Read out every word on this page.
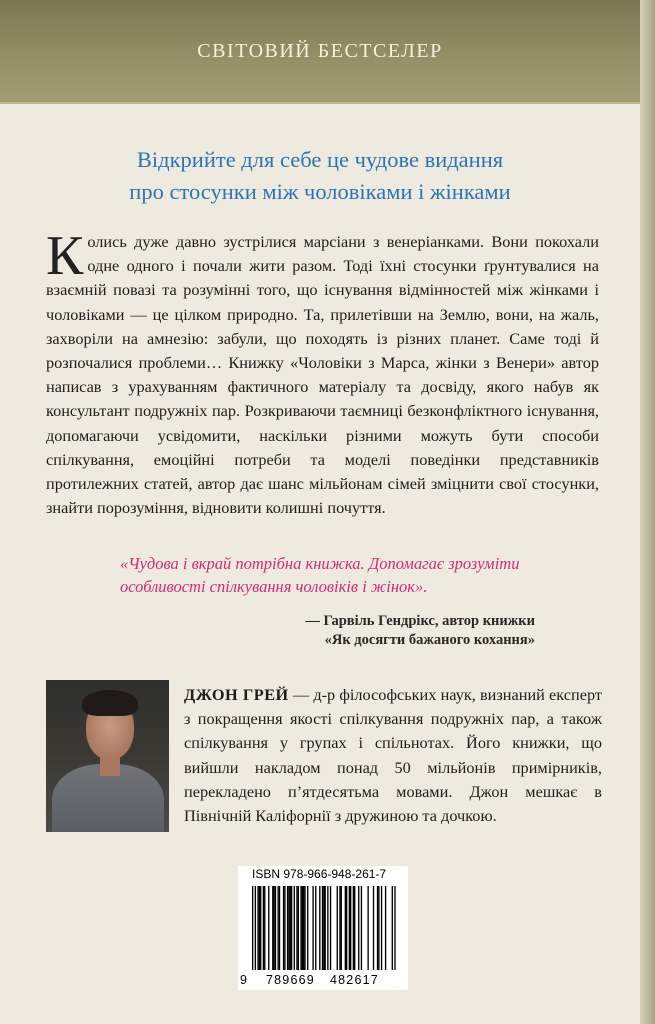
СВІТОВИЙ БЕСТСЕЛЕР
Відкрийте для себе це чудове видання
про стосунки між чоловіками і жінками
Колись дуже давно зустрілися марсіани з венеріанками. Вони покохали одне одного і почали жити разом. Тоді їхні стосунки ґрунтувалися на взаємній повазі та розумінні того, що існування відмінностей між жінками і чоловіками — це цілком природно. Та, прилетівши на Землю, вони, на жаль, захворіли на амнезію: забули, що походять із різних планет. Саме тоді й розпочалися проблеми… Книжку «Чоловіки з Марса, жінки з Венери» автор написав з урахуванням фактичного матеріалу та досвіду, якого набув як консультант подружніх пар. Розкриваючи таємниці безконфліктного існування, допомагаючи усвідомити, наскільки різними можуть бути способи спілкування, емоційні потреби та моделі поведінки представників протилежних статей, автор дає шанс мільйонам сімей зміцнити свої стосунки, знайти порозуміння, відновити колишні почуття.
«Чудова і вкрай потрібна книжка. Допомагає зрозуміти особливості спілкування чоловіків і жінок».
— Гарвіль Гендрікс, автор книжки
«Як досягти бажаного кохання»
ДЖОН ГРЕЙ — д-р філософських наук, визнаний експерт з покращення якості спілкування подружніх пар, а також спілкування у групах і спільнотах. Його книжки, що вийшли накладом понад 50 мільйонів примірників, перекладено п’ятдесятьма мовами. Джон мешкає в Північній Каліфорнії з дружиною та дочкою.
ISBN 978-966-948-261-7
9 789669 482617
